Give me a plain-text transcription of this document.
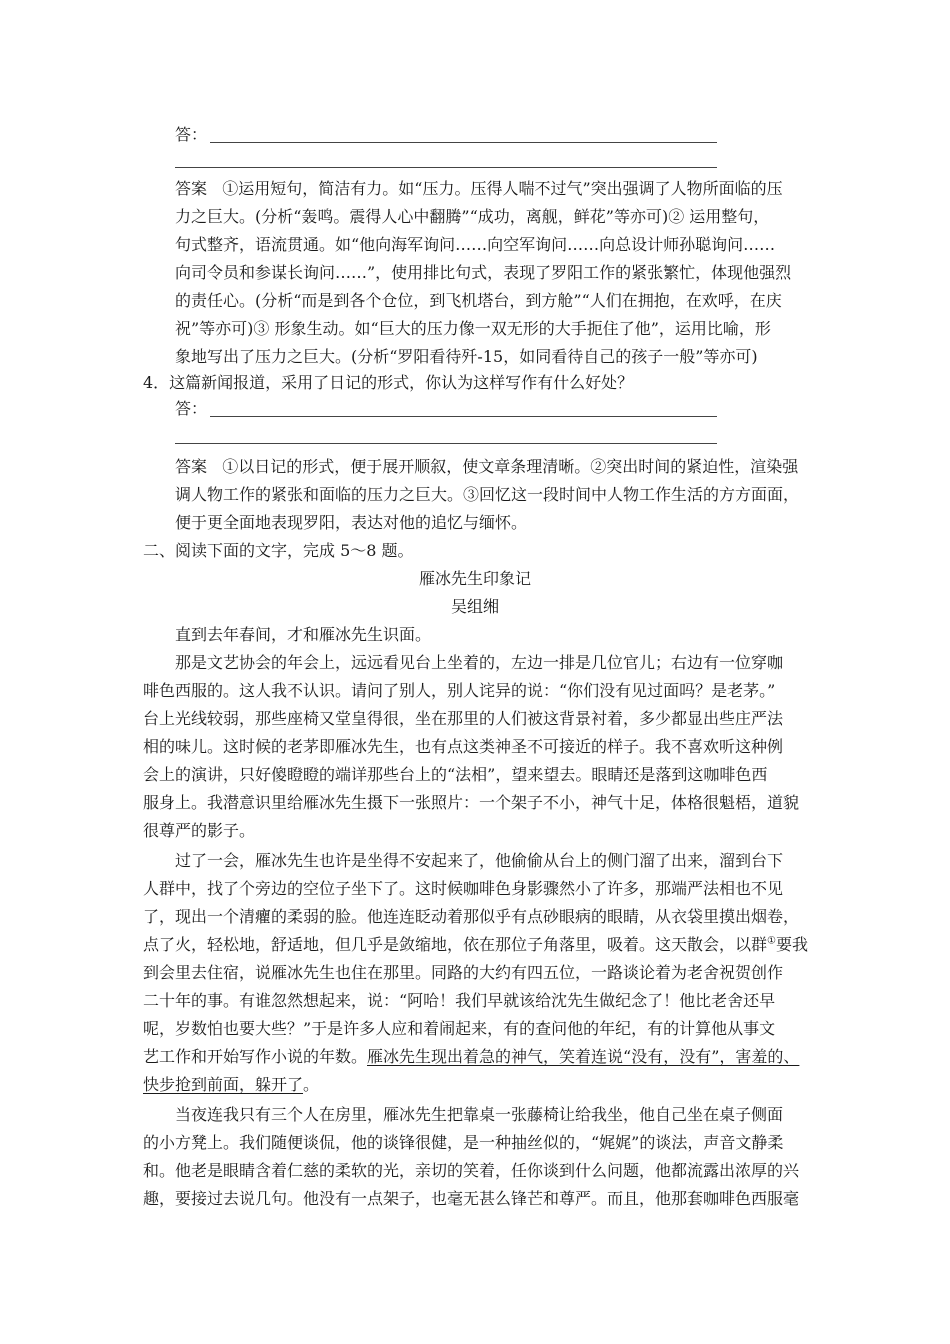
答：
答案 ①运用短句，简洁有力。如“压力。压得人喘不过气”突出强调了人物所面临的压
力之巨大。(分析“轰鸣。震得人心中翻腾”“成功，离舰，鲜花”等亦可)② 运用整句，
句式整齐，语流贯通。如“他向海军询问……向空军询问……向总设计师孙聪询问……
向司令员和参谋长询问……”，使用排比句式，表现了罗阳工作的紧张繁忙，体现他强烈
的责任心。(分析“而是到各个仓位，到飞机塔台，到方舱”“人们在拥抱，在欢呼，在庆
祝”等亦可)③ 形象生动。如“巨大的压力像一双无形的大手扼住了他”，运用比喻，形
象地写出了压力之巨大。(分析“罗阳看待歼-15，如同看待自己的孩子一般”等亦可)
4．这篇新闻报道，采用了日记的形式，你认为这样写作有什么好处？
答：
答案 ①以日记的形式，便于展开顺叙，使文章条理清晰。②突出时间的紧迫性，渲染强
调人物工作的紧张和面临的压力之巨大。③回忆这一段时间中人物工作生活的方方面面，
便于更全面地表现罗阳，表达对他的追忆与缅怀。
二、阅读下面的文字，完成 5～8 题。
雁冰先生印象记
吴组缃
直到去年春间，才和雁冰先生识面。
那是文艺协会的年会上，远远看见台上坐着的，左边一排是几位官儿；右边有一位穿咖
啡色西服的。这人我不认识。请问了别人，别人诧异的说：“你们没有见过面吗？是老茅。”
台上光线较弱，那些座椅又堂皇得很，坐在那里的人们被这背景衬着，多少都显出些庄严法
相的味儿。这时候的老茅即雁冰先生，也有点这类神圣不可接近的样子。我不喜欢听这种例
会上的演讲，只好傻瞪瞪的端详那些台上的“法相”，望来望去。眼睛还是落到这咖啡色西
服身上。我潜意识里给雁冰先生摄下一张照片：一个架子不小，神气十足，体格很魁梧，道貌
很尊严的影子。
过了一会，雁冰先生也许是坐得不安起来了，他偷偷从台上的侧门溜了出来，溜到台下
人群中，找了个旁边的空位子坐下了。这时候咖啡色身影骤然小了许多，那端严法相也不见
了，现出一个清癯的柔弱的脸。他连连眨动着那似乎有点砂眼病的眼睛，从衣袋里摸出烟卷，
点了火，轻松地，舒适地，但几乎是敛缩地，依在那位子角落里，吸着。这天散会，以群①要我
到会里去住宿，说雁冰先生也住在那里。同路的大约有四五位，一路谈论着为老舍祝贺创作
二十年的事。有谁忽然想起来，说：“阿哈！我们早就该给沈先生做纪念了！他比老舍还早
呢，岁数怕也要大些？”于是许多人应和着闹起来，有的查问他的年纪，有的计算他从事文
艺工作和开始写作小说的年数。雁冰先生现出着急的神气，笑着连说“没有，没有”，害羞的、
快步抢到前面，躲开了。
当夜连我只有三个人在房里，雁冰先生把靠桌一张藤椅让给我坐，他自己坐在桌子侧面
的小方凳上。我们随便谈侃，他的谈锋很健，是一种抽丝似的，“娓娓”的谈法，声音文静柔
和。他老是眼睛含着仁慈的柔软的光，亲切的笑着，任你谈到什么问题，他都流露出浓厚的兴
趣，要接过去说几句。他没有一点架子，也毫无甚么锋芒和尊严。而且，他那套咖啡色西服毫
